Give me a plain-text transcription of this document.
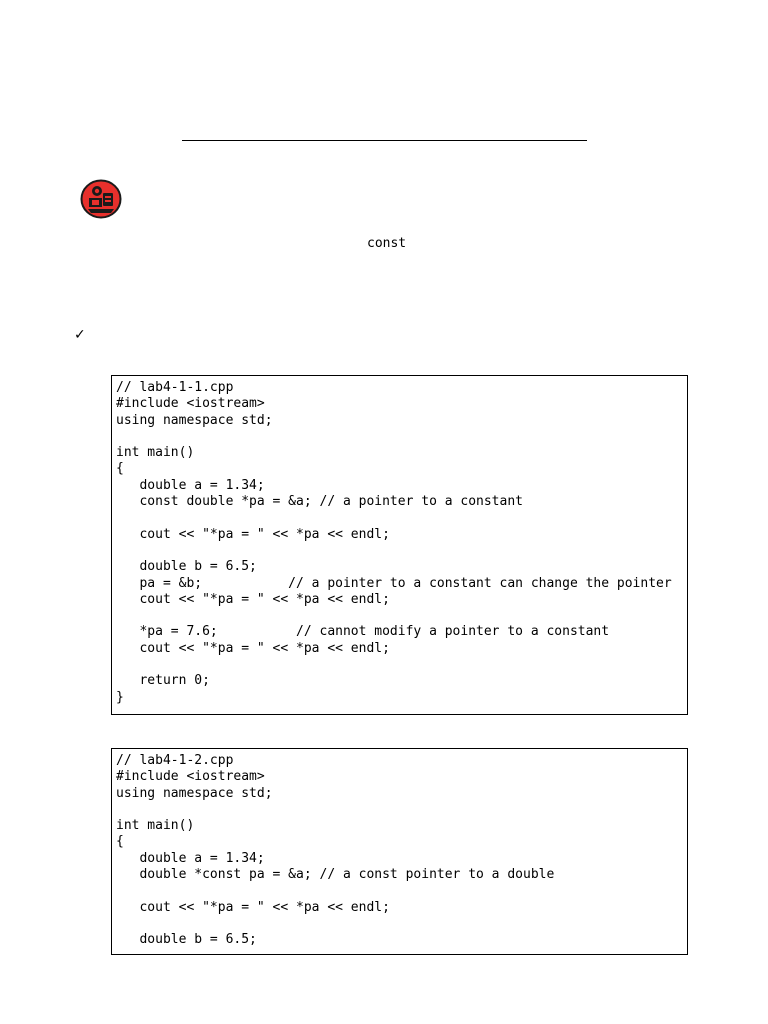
const
✓
// lab4-1-1.cpp
#include <iostream>
using namespace std;

int main()
{
double a = 1.34;
const double *pa = &a; // a pointer to a constant

cout << "*pa = " << *pa << endl;

double b = 6.5;
pa = &b;           // a pointer to a constant can change the pointer
cout << "*pa = " << *pa << endl;

*pa = 7.6;          // cannot modify a pointer to a constant
cout << "*pa = " << *pa << endl;

return 0;
}
// lab4-1-2.cpp
#include <iostream>
using namespace std;

int main()
{
double a = 1.34;
double *const pa = &a; // a const pointer to a double

cout << "*pa = " << *pa << endl;

double b = 6.5;
